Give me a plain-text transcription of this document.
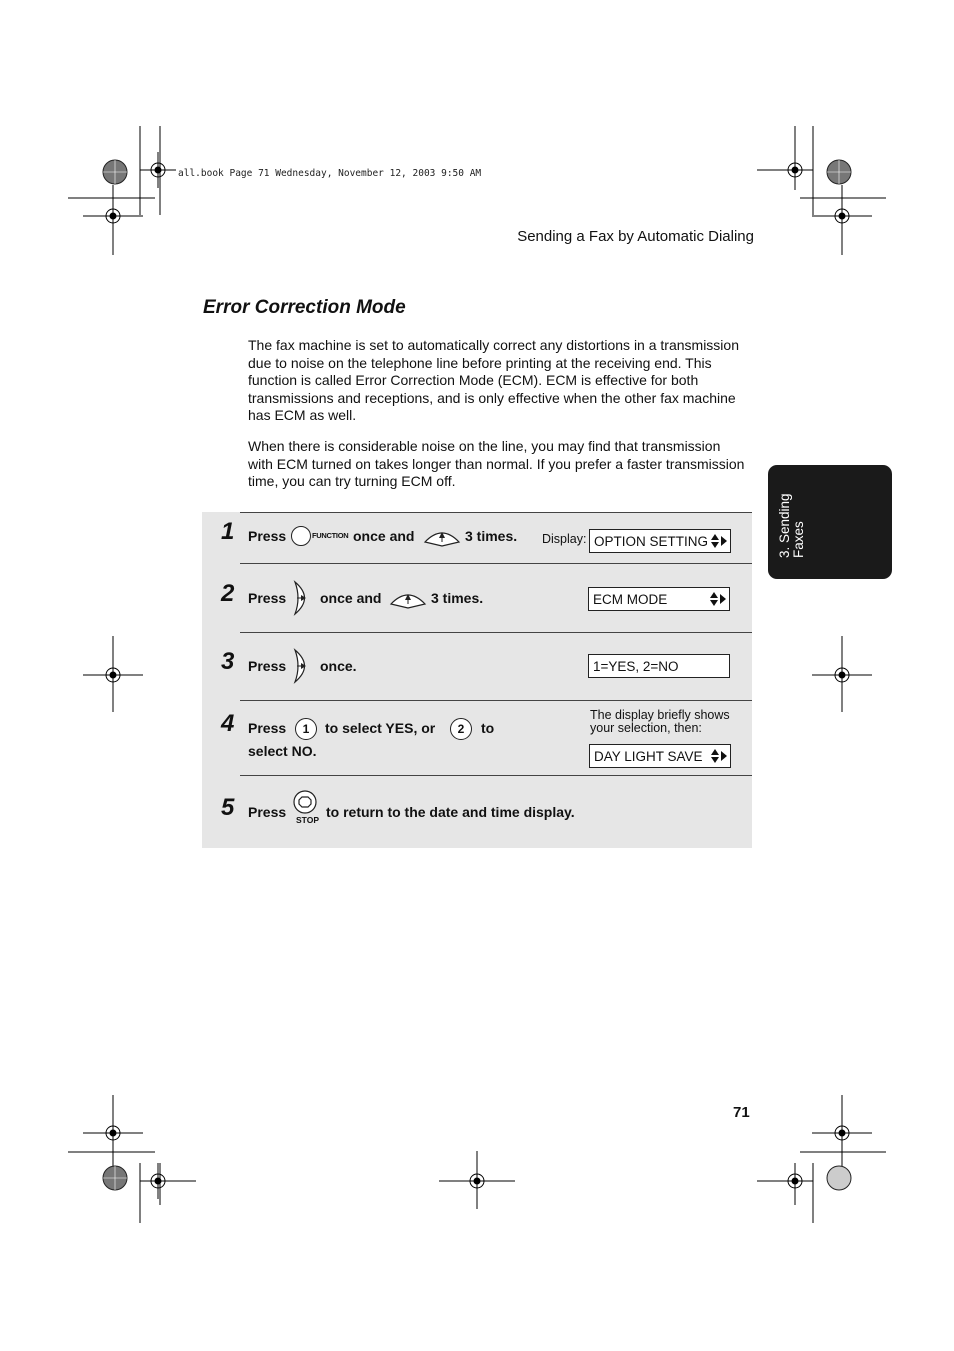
all.book Page 71 Wednesday, November 12, 2003 9:50 AM
Sending a Fax by Automatic Dialing
Error Correction Mode
The fax machine is set to automatically correct any distortions in a transmission due to noise on the telephone line before printing at the receiving end. This function is called Error Correction Mode (ECM). ECM is effective for both transmissions and receptions, and is only effective when the other fax machine has ECM as well.
When there is considerable noise on the line, you may find that transmission with ECM turned on takes longer than normal. If you prefer a faster transmission time, you can try turning ECM off.
3. Sending Faxes
1 Press	FUNCTION once and	3 times. Display: OPTION SETTING
2 Press once and	3 times.	ECM MODE
3 Press once.	1=YES, 2=NO
4 Press	1	to select YES, or	2	to
select NO.
The display briefly shows
your selection, then:
DAY LIGHT SAVE
5 Press STOP to return to the date and time display.
71
